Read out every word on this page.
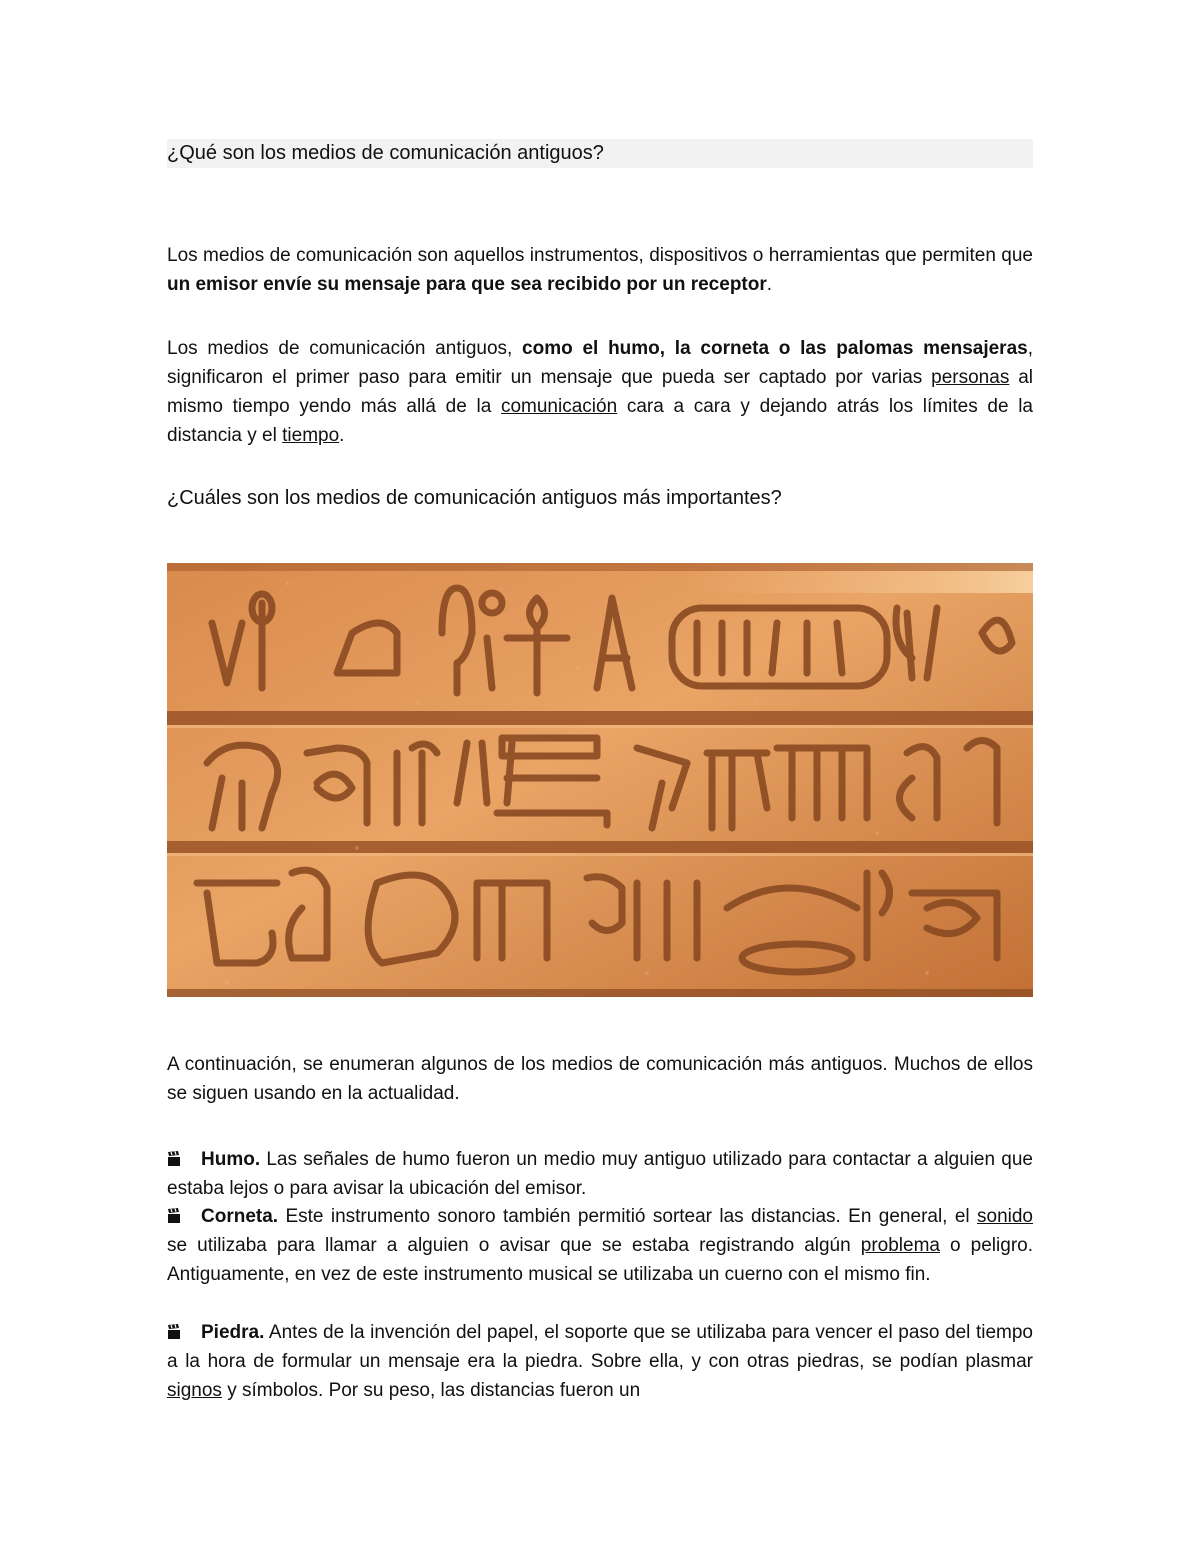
¿Qué son los medios de comunicación antiguos?

Los medios de comunicación son aquellos instrumentos, dispositivos o herramientas que permiten que un emisor envíe su mensaje para que sea recibido por un receptor.

Los medios de comunicación antiguos, como el humo, la corneta o las palomas mensajeras, significaron el primer paso para emitir un mensaje que pueda ser captado por varias personas al mismo tiempo yendo más allá de la comunicación cara a cara y dejando atrás los límites de la distancia y el tiempo.

¿Cuáles son los medios de comunicación antiguos más importantes?

A continuación, se enumeran algunos de los medios de comunicación más antiguos. Muchos de ellos se siguen usando en la actualidad.

Humo. Las señales de humo fueron un medio muy antiguo utilizado para contactar a alguien que estaba lejos o para avisar la ubicación del emisor.

Corneta. Este instrumento sonoro también permitió sortear las distancias. En general, el sonido se utilizaba para llamar a alguien o avisar que se estaba registrando algún problema o peligro. Antiguamente, en vez de este instrumento musical se utilizaba un cuerno con el mismo fin.

Piedra. Antes de la invención del papel, el soporte que se utilizaba para vencer el paso del tiempo a la hora de formular un mensaje era la piedra. Sobre ella, y con otras piedras, se podían plasmar signos y símbolos. Por su peso, las distancias fueron un
